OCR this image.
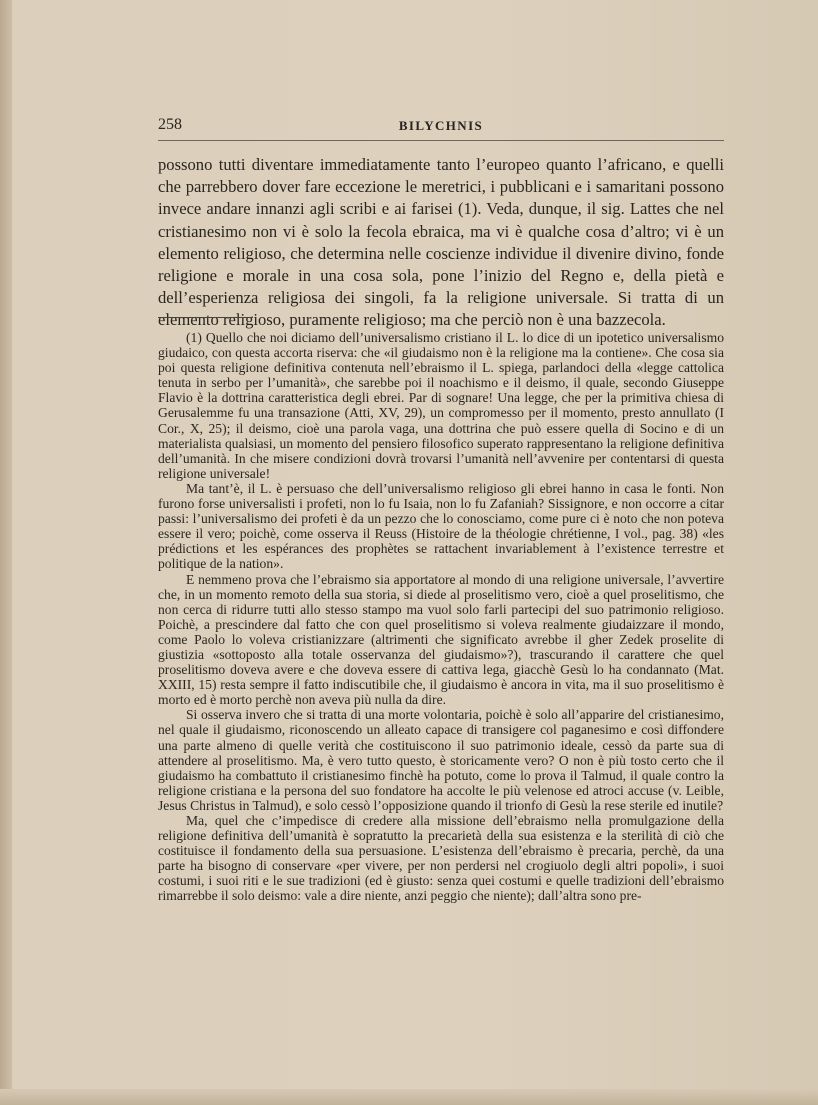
258	BILYCHNIS

possono tutti diventare immediatamente tanto l’europeo quanto l’africano, e quelli che parrebbero dover fare eccezione le meretrici, i pubblicani e i samaritani possono invece andare innanzi agli scribi e ai farisei (1). Veda, dunque, il sig. Lattes che nel cristianesimo non vi è solo la fecola ebraica, ma vi è qualche cosa d’altro; vi è un elemento religioso, che determina nelle coscienze individue il divenire divino, fonde religione e morale in una cosa sola, pone l’inizio del Regno e, della pietà e dell’esperienza religiosa dei singoli, fa la religione universale. Si tratta di un elemento religioso, puramente religioso; ma che perciò non è una bazzecola.

(1) Quello che noi diciamo dell’universalismo cristiano il L. lo dice di un ipotetico universalismo giudaico, con questa accorta riserva: che «il giudaismo non è la religione ma la contiene». Che cosa sia poi questa religione definitiva contenuta nell’ebraismo il L. spiega, parlandoci della «legge cattolica tenuta in serbo per l’umanità», che sarebbe poi il noachismo e il deismo, il quale, secondo Giuseppe Flavio è la dottrina caratteristica degli ebrei. Par di sognare! Una legge, che per la primitiva chiesa di Gerusalemme fu una transazione (Atti, XV, 29), un compromesso per il momento, presto annullato (I Cor., X, 25); il deismo, cioè una parola vaga, una dottrina che può essere quella di Socino e di un materialista qualsiasi, un momento del pensiero filosofico superato rappresentano la religione definitiva dell’umanità. In che misere condizioni dovrà trovarsi l’umanità nell’avvenire per contentarsi di questa religione universale!

Ma tant’è, il L. è persuaso che dell’universalismo religioso gli ebrei hanno in casa le fonti. Non furono forse universalisti i profeti, non lo fu Isaia, non lo fu Zafaniah? Sissignore, e non occorre a citar passi: l’universalismo dei profeti è da un pezzo che lo conosciamo, come pure ci è noto che non poteva essere il vero; poichè, come osserva il Reuss (Histoire de la théologie chrétienne, I vol., pag. 38) «les prédictions et les espérances des prophètes se rattachent invariablement à l’existence terrestre et politique de la nation».

E nemmeno prova che l’ebraismo sia apportatore al mondo di una religione universale, l’avvertire che, in un momento remoto della sua storia, si diede al proselitismo vero, cioè a quel proselitismo, che non cerca di ridurre tutti allo stesso stampo ma vuol solo farli partecipi del suo patrimonio religioso. Poichè, a prescindere dal fatto che con quel proselitismo si voleva realmente giudaizzare il mondo, come Paolo lo voleva cristianizzare (altrimenti che significato avrebbe il gher Zedek proselite di giustizia «sottoposto alla totale osservanza del giudaismo»?), trascurando il carattere che quel proselitismo doveva avere e che doveva essere di cattiva lega, giacchè Gesù lo ha condannato (Mat. XXIII, 15) resta sempre il fatto indiscutibile che, il giudaismo è ancora in vita, ma il suo proselitismo è morto ed è morto perchè non aveva più nulla da dire.

Si osserva invero che si tratta di una morte volontaria, poichè è solo all’apparire del cristianesimo, nel quale il giudaismo, riconoscendo un alleato capace di transigere col paganesimo e così diffondere una parte almeno di quelle verità che costituiscono il suo patrimonio ideale, cessò da parte sua di attendere al proselitismo. Ma, è vero tutto questo, è storicamente vero? O non è più tosto certo che il giudaismo ha combattuto il cristianesimo finchè ha potuto, come lo prova il Talmud, il quale contro la religione cristiana e la persona del suo fondatore ha accolte le più velenose ed atroci accuse (v. Leible, Jesus Christus in Talmud), e solo cessò l’opposizione quando il trionfo di Gesù la rese sterile ed inutile?

Ma, quel che c’impedisce di credere alla missione dell’ebraismo nella promulgazione della religione definitiva dell’umanità è sopratutto la precarietà della sua esistenza e la sterilità di ciò che costituisce il fondamento della sua persuasione. L’esistenza dell’ebraismo è precaria, perchè, da una parte ha bisogno di conservare «per vivere, per non perdersi nel crogiuolo degli altri popoli», i suoi costumi, i suoi riti e le sue tradizioni (ed è giusto: senza quei costumi e quelle tradizioni dell’ebraismo rimarrebbe il solo deismo: vale a dire niente, anzi peggio che niente); dall’altra sono pre-
